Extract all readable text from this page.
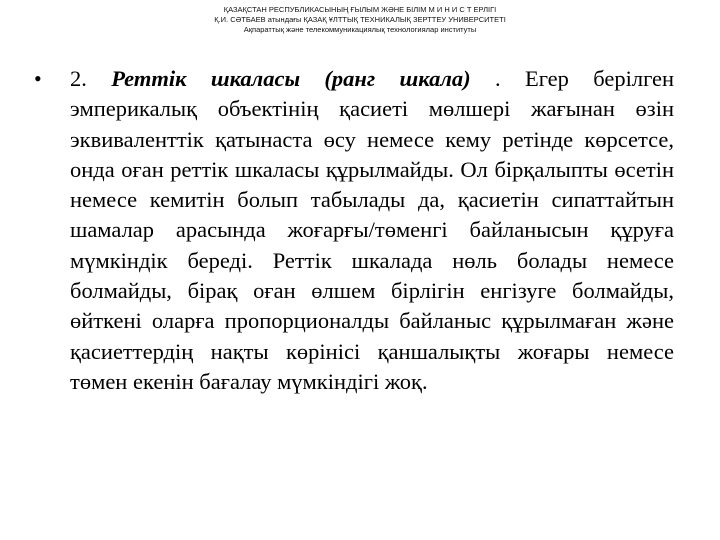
ҚАЗАҚСТАН РЕСПУБЛИКАСЫНЫҢ ҒЫЛЫМ ЖӘНЕ БІЛІМ М И Н И С Т ЕРЛІГІ
Қ.И. СӘТБАЕВ атындағы ҚАЗАҚ ҰЛТТЫҚ ТЕХНИКАЛЫҚ ЗЕРТТЕУ УНИВЕРСИТЕТІ
Ақпараттық және телекоммуникациялық технологиялар институты
•	2. Реттік шкаласы (ранг шкала) . Егер берілген эмперикалық объектінің қасиеті мөлшері жағынан өзін эквиваленттік қатынаста өсу немесе кему ретінде көрсетсе, онда оған реттік шкаласы құрылмайды. Ол бірқалыпты өсетін немесе кемитін болып табылады да, қасиетін сипаттайтын шамалар арасында жоғарғы/төменгі байланысын құруға мүмкіндік береді. Реттік шкалада нөль болады немесе болмайды, бірақ оған өлшем бірлігін енгізуге болмайды, өйткені оларға пропорционалды байланыс құрылмаған және қасиеттердің нақты көрінісі қаншалықты жоғары немесе төмен екенін бағалау мүмкіндігі жоқ.
